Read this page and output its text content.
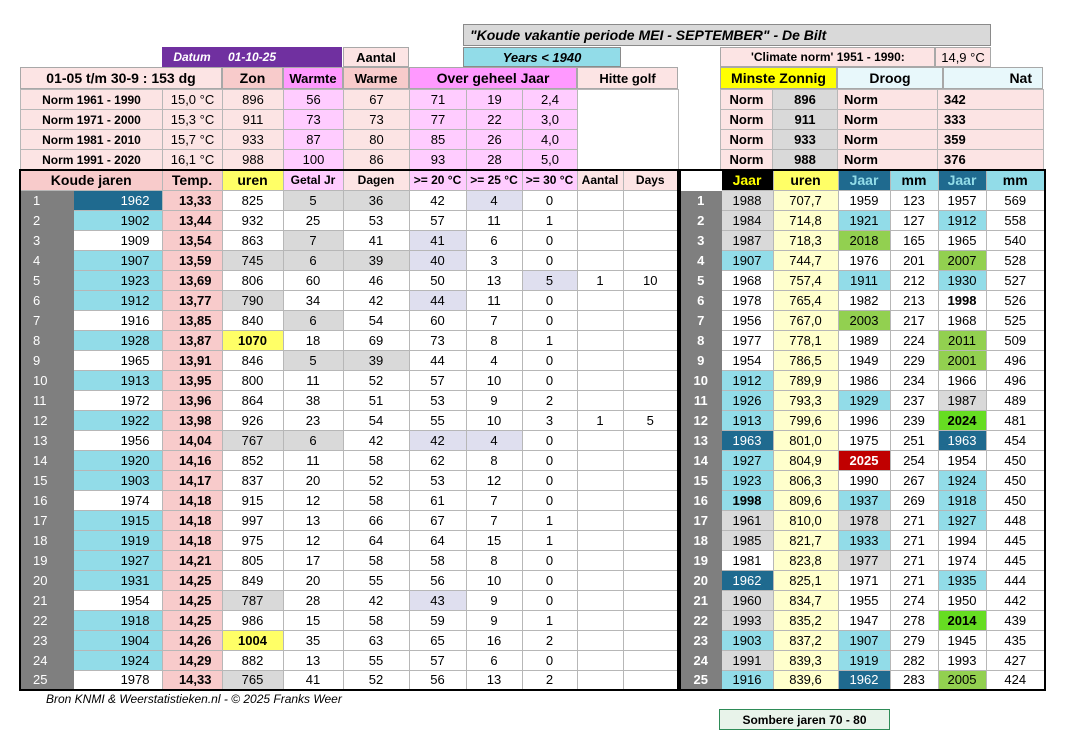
"Koude vakantie periode MEI - SEPTEMBER" - De Bilt
Years < 1940	'Climate norm' 1951 - 1990:	14,9 °C
Datum	01-10-25	Aantal
01-05 t/m 30-9 : 153 dg	Zon	Warmte	Warme	Over geheel Jaar	Hitte golf	Minste Zonnig	Droog	Nat
Norm 1961 - 1990	15,0 °C	896	56	67	71	19	2,4	
Norm 1971 - 2000	15,3 °C	911	73	73	77	22	3,0	
Norm 1981 - 2010	15,7 °C	933	87	80	85	26	4,0	
Norm 1991 - 2020	16,1 °C	988	100	86	93	28	5,0	
Norm	896	Norm	342
Norm	911	Norm	333
Norm	933	Norm	359
Norm	988	Norm	376
Koude jaren		Temp.	uren	Getal Jr	Dagen	>= 20 °C	>= 25 °C	>= 30 °C	Aantal	Days
1	1962	13,33	825	5	36	42	4	0		
2	1902	13,44	932	25	53	57	11	1		
3	1909	13,54	863	7	41	41	6	0		
4	1907	13,59	745	6	39	40	3	0		
5	1923	13,69	806	60	46	50	13	5	1	10
6	1912	13,77	790	34	42	44	11	0		
7	1916	13,85	840	6	54	60	7	0		
8	1928	13,87	1070	18	69	73	8	1		
9	1965	13,91	846	5	39	44	4	0		
10	1913	13,95	800	11	52	57	10	0		
11	1972	13,96	864	38	51	53	9	2		
12	1922	13,98	926	23	54	55	10	3	1	5
13	1956	14,04	767	6	42	42	4	0		
14	1920	14,16	852	11	58	62	8	0		
15	1903	14,17	837	20	52	53	12	0		
16	1974	14,18	915	12	58	61	7	0		
17	1915	14,18	997	13	66	67	7	1		
18	1919	14,18	975	12	64	64	15	1		
19	1927	14,21	805	17	58	58	8	0		
20	1931	14,25	849	20	55	56	10	0		
21	1954	14,25	787	28	42	43	9	0		
22	1918	14,25	986	15	58	59	9	1		
23	1904	14,26	1004	35	63	65	16	2		
24	1924	14,29	882	13	55	57	6	0		
25	1978	14,33	765	41	52	56	13	2		
	Jaar	uren	Jaar	mm	Jaar	mm
1	1988	707,7	1959	123	1957	569
2	1984	714,8	1921	127	1912	558
3	1987	718,3	2018	165	1965	540
4	1907	744,7	1976	201	2007	528
5	1968	757,4	1911	212	1930	527
6	1978	765,4	1982	213	1998	526
7	1956	767,0	2003	217	1968	525
8	1977	778,1	1989	224	2011	509
9	1954	786,5	1949	229	2001	496
10	1912	789,9	1986	234	1966	496
11	1926	793,3	1929	237	1987	489
12	1913	799,6	1996	239	2024	481
13	1963	801,0	1975	251	1963	454
14	1927	804,9	2025	254	1954	450
15	1923	806,3	1990	267	1924	450
16	1998	809,6	1937	269	1918	450
17	1961	810,0	1978	271	1927	448
18	1985	821,7	1933	271	1994	445
19	1981	823,8	1977	271	1974	445
20	1962	825,1	1971	271	1935	444
21	1960	834,7	1955	274	1950	442
22	1993	835,2	1947	278	2014	439
23	1903	837,2	1907	279	1945	435
24	1991	839,3	1919	282	1993	427
25	1916	839,6	1962	283	2005	424
Bron KNMI & Weerstatistieken.nl - © 2025 Franks Weer
Sombere jaren 70 - 80
